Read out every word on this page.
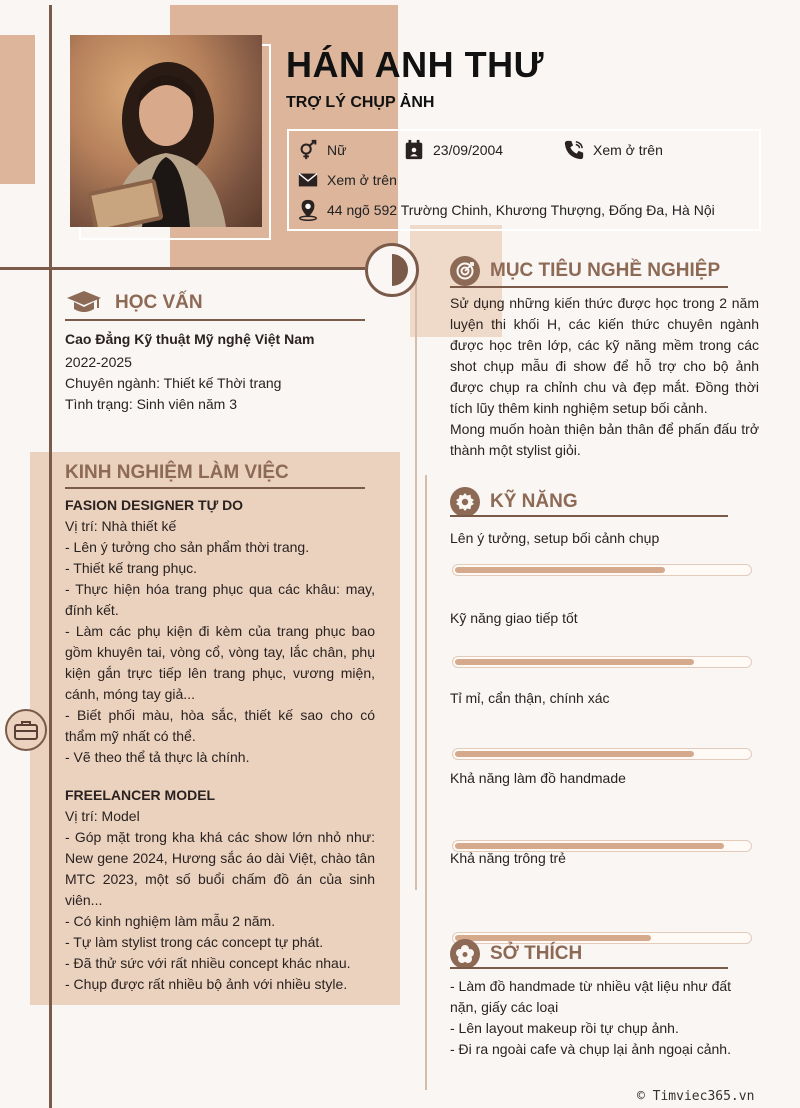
HÁN ANH THƯ
TRỢ LÝ CHỤP ẢNH
Nữ	23/09/2004	Xem ở trên
Xem ở trên
44 ngõ 592 Trường Chinh, Khương Thượng, Đống Đa, Hà Nội
HỌC VẤN
Cao Đẳng Kỹ thuật Mỹ nghệ Việt Nam
2022-2025
Chuyên ngành: Thiết kế Thời trang
Tình trạng: Sinh viên năm 3
KINH NGHIỆM LÀM VIỆC
FASION DESIGNER TỰ DO
Vị trí: Nhà thiết kế
- Lên ý tưởng cho sản phẩm thời trang.
- Thiết kế trang phục.
- Thực hiện hóa trang phục qua các khâu: may, đính kết.
- Làm các phụ kiện đi kèm của trang phục bao gồm khuyên tai, vòng cổ, vòng tay, lắc chân, phụ kiện gắn trực tiếp lên trang phục, vương miện, cánh, móng tay giả...
- Biết phối màu, hòa sắc, thiết kế sao cho có thẩm mỹ nhất có thể.
- Vẽ theo thể tả thực là chính.
FREELANCER MODEL
Vị trí: Model
- Góp mặt trong kha khá các show lớn nhỏ như: New gene 2024, Hương sắc áo dài Việt, chào tân MTC 2023, một số buổi chấm đồ án của sinh viên...
- Có kinh nghiệm làm mẫu 2 năm.
- Tự làm stylist trong các concept tự phát.
- Đã thử sức với rất nhiều concept khác nhau.
- Chụp được rất nhiều bộ ảnh với nhiều style.
MỤC TIÊU NGHỀ NGHIỆP
Sử dụng những kiến thức được học trong 2 năm luyện thi khối H, các kiến thức chuyên ngành được học trên lớp, các kỹ năng mềm trong các shot chụp mẫu đi show để hỗ trợ cho bộ ảnh được chụp ra chỉnh chu và đẹp mắt. Đồng thời tích lũy thêm kinh nghiệm setup bối cảnh.
Mong muốn hoàn thiện bản thân để phấn đấu trở thành một stylist giỏi.
KỸ NĂNG
Lên ý tưởng, setup bối cảnh chụp
Kỹ năng giao tiếp tốt
Tỉ mỉ, cẩn thận, chính xác
Khả năng làm đồ handmade
Khả năng trông trẻ
SỞ THÍCH
- Làm đồ handmade từ nhiều vật liệu như đất nặn, giấy các loại
- Lên layout makeup rồi tự chụp ảnh.
- Đi ra ngoài cafe và chụp lại ảnh ngoại cảnh.
© Timviec365.vn
